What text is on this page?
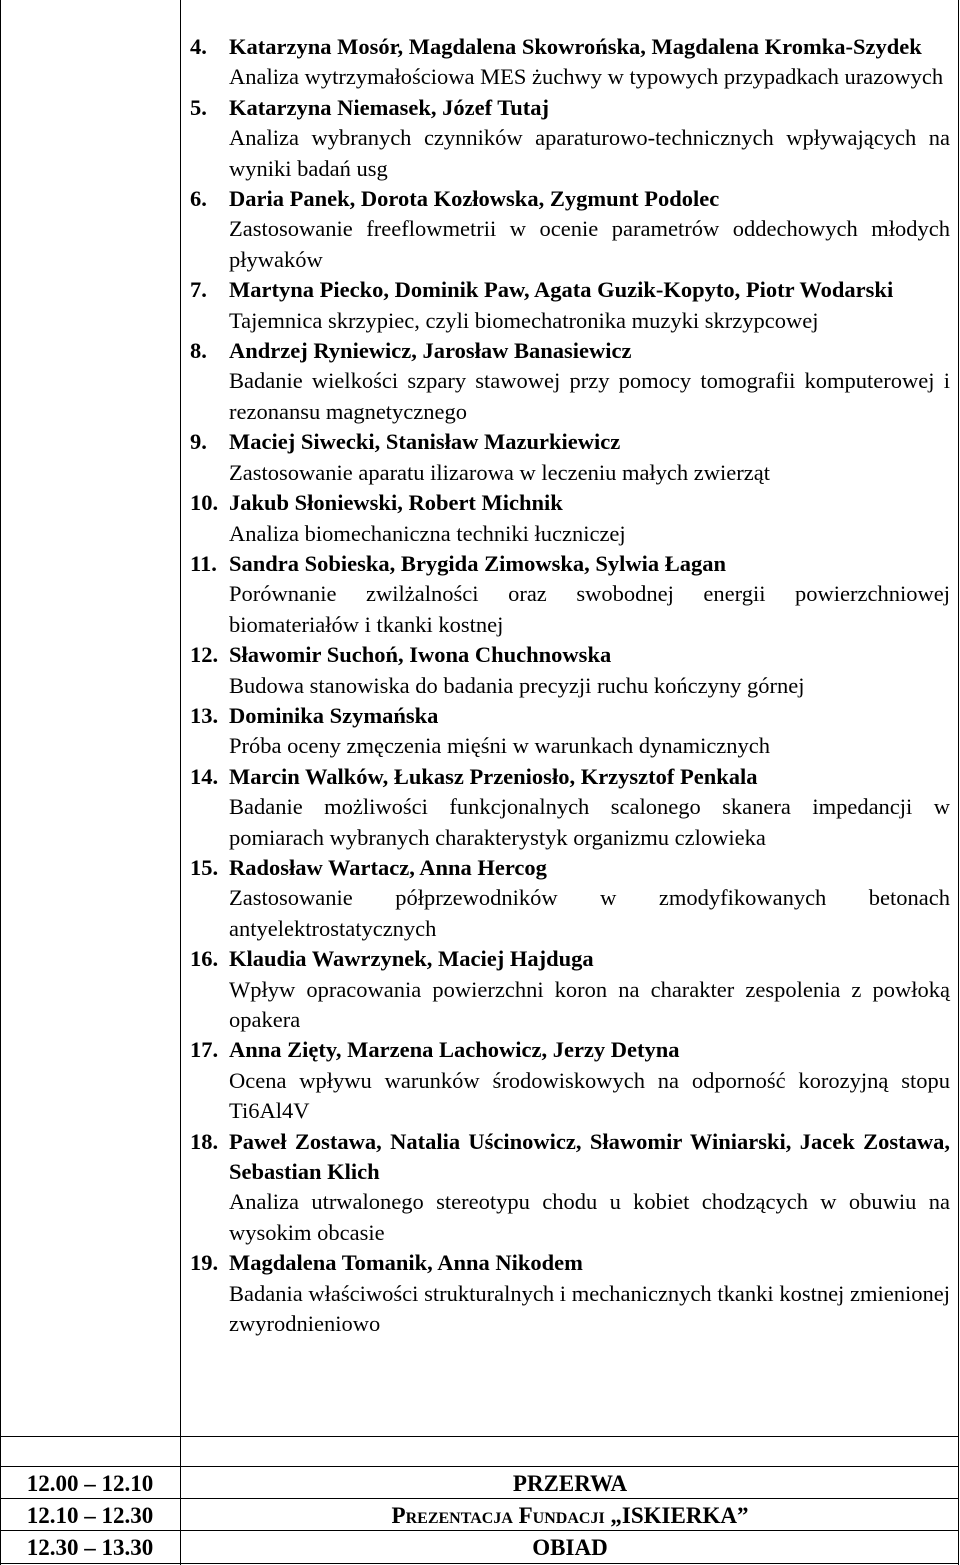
4. Katarzyna Mosór, Magdalena Skowrońska, Magdalena Kromka-Szydek
Analiza wytrzymałościowa MES żuchwy w typowych przypadkach urazowych
5. Katarzyna Niemasek, Józef Tutaj
Analiza wybranych czynników aparaturowo-technicznych wpływających na wyniki badań usg
6. Daria Panek, Dorota Kozłowska, Zygmunt Podolec
Zastosowanie freeflowmetrii w ocenie parametrów oddechowych młodych pływaków
7. Martyna Piecko, Dominik Paw, Agata Guzik-Kopyto, Piotr Wodarski
Tajemnica skrzypiec, czyli biomechatronika muzyki skrzypcowej
8. Andrzej Ryniewicz, Jarosław Banasiewicz
Badanie wielkości szpary stawowej przy pomocy tomografii komputerowej i rezonansu magnetycznego
9. Maciej Siwecki, Stanisław Mazurkiewicz
Zastosowanie aparatu ilizarowa w leczeniu małych zwierząt
10. Jakub Słoniewski, Robert Michnik
Analiza biomechaniczna techniki łuczniczej
11. Sandra Sobieska, Brygida Zimowska, Sylwia Łagan
Porównanie zwilżalności oraz swobodnej energii powierzchniowej biomateriałów i tkanki kostnej
12. Sławomir Suchoń, Iwona Chuchnowska
Budowa stanowiska do badania precyzji ruchu kończyny górnej
13. Dominika Szymańska
Próba oceny zmęczenia mięśni w warunkach dynamicznych
14. Marcin Walków, Łukasz Przeniosło, Krzysztof Penkala
Badanie możliwości funkcjonalnych scalonego skanera impedancji w pomiarach wybranych charakterystyk organizmu czlowieka
15. Radosław Wartacz, Anna Hercog
Zastosowanie półprzewodników w zmodyfikowanych betonach antyelektrostatycznych
16. Klaudia Wawrzynek, Maciej Hajduga
Wpływ opracowania powierzchni koron na charakter zespolenia z powłoką opakera
17. Anna Zięty, Marzena Lachowicz, Jerzy Detyna
Ocena wpływu warunków środowiskowych na odporność korozyjną stopu Ti6Al4V
18. Paweł Zostawa, Natalia Uścinowicz, Sławomir Winiarski, Jacek Zostawa, Sebastian Klich
Analiza utrwalonego stereotypu chodu u kobiet chodzących w obuwiu na wysokim obcasie
19. Magdalena Tomanik, Anna Nikodem
Badania właściwości strukturalnych i mechanicznych tkanki kostnej zmienionej zwyrodnieniowo
12.00 – 12.10	PRZERWA
12.10 – 12.30	Prezentacja Fundacji „ISKIERKA”
12.30 – 13.30	OBIAD
